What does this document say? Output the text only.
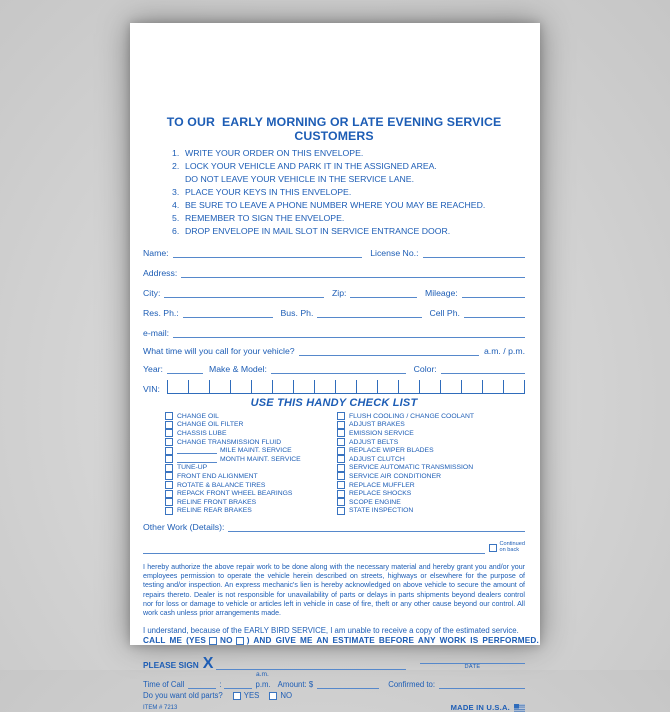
TO OUR  EARLY MORNING OR LATE EVENING SERVICE CUSTOMERS
1. WRITE YOUR ORDER ON THIS ENVELOPE.
2. LOCK YOUR VEHICLE AND PARK IT IN THE ASSIGNED AREA.
DO NOT LEAVE YOUR VEHICLE IN THE SERVICE LANE.
3. PLACE YOUR KEYS IN THIS ENVELOPE.
4. BE SURE TO LEAVE A PHONE NUMBER WHERE YOU MAY BE REACHED.
5. REMEMBER TO SIGN THE ENVELOPE.
6. DROP ENVELOPE IN MAIL SLOT IN SERVICE ENTRANCE DOOR.
Name:	License No.:
Address:
City:	Zip:	Mileage:
Res. Ph.:	Bus. Ph.	Cell Ph.
e-mail:
What time will you call for your vehicle?	a.m. / p.m.
Year:	Make & Model:	Color:
VIN:
USE THIS HANDY CHECK LIST
CHANGE OIL
CHANGE OIL FILTER
CHASSIS LUBE
CHANGE TRANSMISSION FLUID
MILE MAINT. SERVICE
MONTH MAINT. SERVICE
TUNE-UP
FRONT END ALIGNMENT
ROTATE & BALANCE TIRES
REPACK FRONT WHEEL BEARINGS
RELINE FRONT BRAKES
RELINE REAR BRAKES
FLUSH COOLING / CHANGE COOLANT
ADJUST BRAKES
EMISSION SERVICE
ADJUST BELTS
REPLACE WIPER BLADES
ADJUST CLUTCH
SERVICE AUTOMATIC TRANSMISSION
SERVICE AIR CONDITIONER
REPLACE MUFFLER
REPLACE SHOCKS
SCOPE ENGINE
STATE INSPECTION
Other Work (Details):
Continued
on back
I hereby authorize the above repair work to be done along with the necessary material and hereby grant you and/or your employees permission to operate the vehicle herein described on streets, highways or elsewhere for the purpose of testing and/or inspection. An express mechanic's lien is hereby acknowledged on above vehicle to secure the amount of repairs thereto. Dealer is not responsible for unavailability of parts or delays in parts shipments beyond dealers control nor for loss or damage to vehicle or articles left in vehicle in case of fire, theft or any other cause beyond our control. All work cash unless prior arrangements made.
I understand, because of the EARLY BIRD SERVICE, I am unable to receive a copy of the estimated service.
CALL ME (YES NO ) AND GIVE ME AN ESTIMATE BEFORE ANY WORK IS PERFORMED.
PLEASE SIGN X	DATE
a.m.
Time of Call	:	p.m. Amount: $	Confirmed to:
Do you want old parts?	YES	NO
ITEM # 7213	MADE IN U.S.A.
